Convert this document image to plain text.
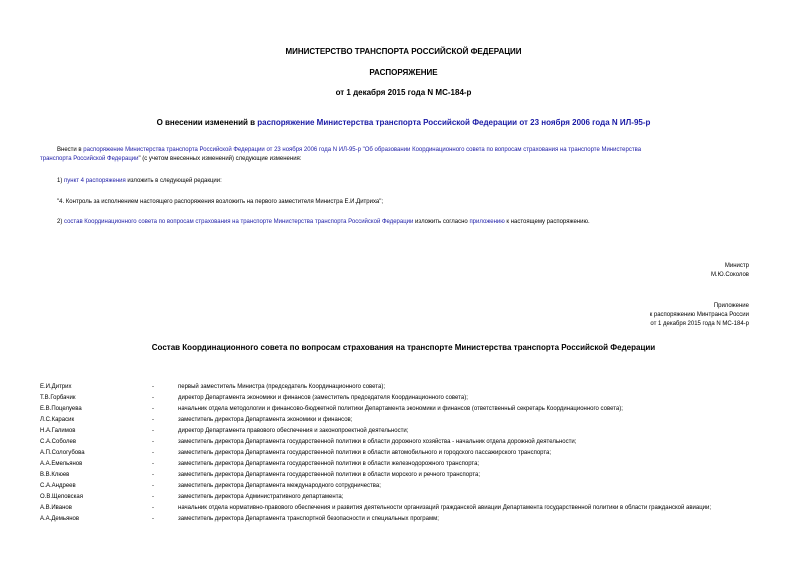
МИНИСТЕРСТВО ТРАНСПОРТА РОССИЙСКОЙ ФЕДЕРАЦИИ
РАСПОРЯЖЕНИЕ
от 1 декабря 2015 года N МС-184-р
О внесении изменений в распоряжение Министерства транспорта Российской Федерации от 23 ноября 2006 года N ИЛ-95-р
Внести в распоряжение Министерства транспорта Российской Федерации от 23 ноября 2006 года N ИЛ-95-р "Об образовании Координационного совета по вопросам страхования на транспорте Министерства
транспорта Российской Федерации" (с учетом внесенных изменений) следующие изменения:
1) пункт 4 распоряжения изложить в следующей редакции:
"4. Контроль за исполнением настоящего распоряжения возложить на первого заместителя Министра Е.И.Дитриха";
2) состав Координационного совета по вопросам страхования на транспорте Министерства транспорта Российской Федерации изложить согласно приложению к настоящему распоряжению.
Министр
М.Ю.Соколов
Приложение
к распоряжению Минтранса России
от 1 декабря 2015 года N МС-184-р
Состав Координационного совета по вопросам страхования на транспорте Министерства транспорта Российской Федерации
Е.И.Дитрих	-	первый заместитель Министра (председатель Координационного совета);
Т.В.Горбачик	-	директор Департамента экономики и финансов (заместитель председателя Координационного совета);
Е.В.Поцелуева	-	начальник отдела методологии и финансово-бюджетной политики Департамента экономики и финансов (ответственный секретарь Координационного совета);
Л.С.Карасик	-	заместитель директора Департамента экономики и финансов;
Н.А.Галимов	-	директор Департамента правового обеспечения и законопроектной деятельности;
С.А.Соболев	-	заместитель директора Департамента государственной политики в области дорожного хозяйства - начальник отдела дорожной деятельности;
А.П.Сологубова	-	заместитель директора Департамента государственной политики в области автомобильного и городского пассажирского транспорта;
А.А.Емельянов	-	заместитель директора Департамента государственной политики в области железнодорожного транспорта;
В.В.Клюев	-	заместитель директора Департамента государственной политики в области морского и речного транспорта;
С.А.Андреев	-	заместитель директора Департамента международного сотрудничества;
О.В.Щеповская	-	заместитель директора Административного департамента;
А.В.Иванов	-	начальник отдела нормативно-правового обеспечения и развития деятельности организаций гражданской авиации Департамента государственной политики в области гражданской авиации;
А.А.Демьянов	-	заместитель директора Департамента транспортной безопасности и специальных программ;
